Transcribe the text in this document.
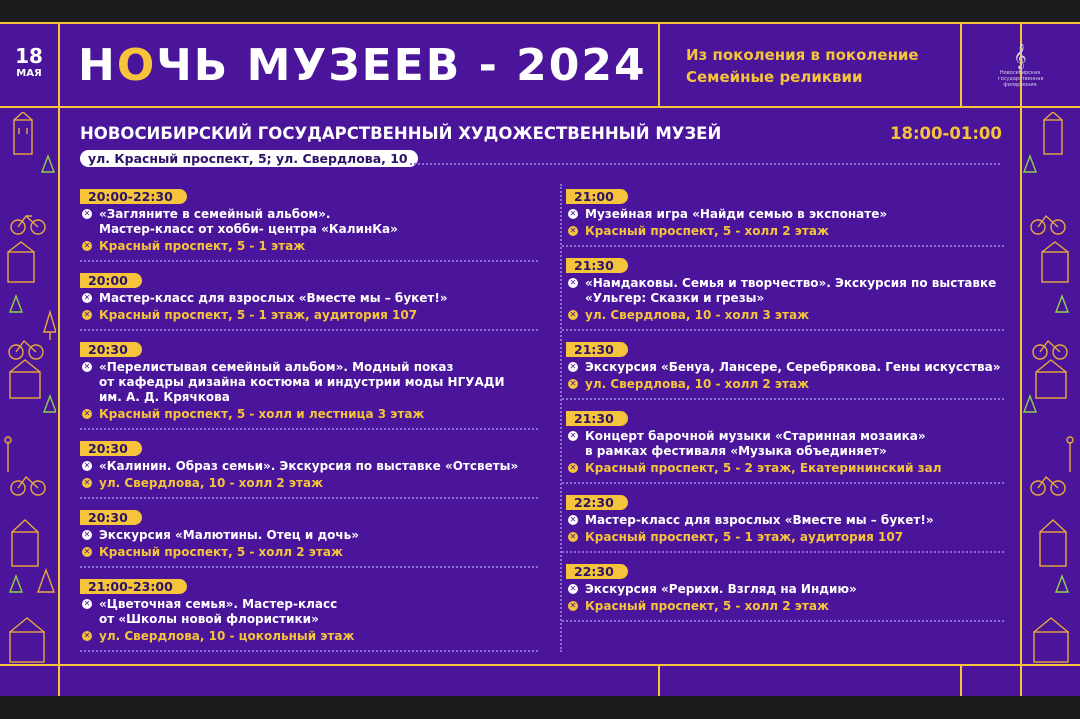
18
МАЯ НОЧЬ МУЗЕЕВ - 2024	Из поколения в поколение
Семейные реликвии
𝄞
Новосибирская государственная филармония
НОВОСИБИРСКИЙ ГОСУДАРСТВЕННЫЙ ХУДОЖЕСТВЕННЫЙ МУЗЕЙ	18:00-01:00
ул. Красный проспект, 5; ул. Свердлова, 10
20:00-22:30
✕ «Загляните в семейный альбом».
Мастер-класс от хобби- центра «КалинКа»
✕ Красный проспект, 5 - 1 этаж
20:00
✕ Мастер-класс для взрослых «Вместе мы – букет!»
✕ Красный проспект, 5 - 1 этаж, аудитория 107
20:30
✕ «Перелистывая семейный альбом». Модный показ
от кафедры дизайна костюма и индустрии моды НГУАДИ
им. А. Д. Крячкова
✕ Красный проспект, 5 - холл и лестница 3 этаж
20:30
✕ «Калинин. Образ семьи». Экскурсия по выставке «Отсветы»
✕ ул. Свердлова, 10 - холл 2 этаж
20:30
✕ Экскурсия «Малютины. Отец и дочь»
✕ Красный проспект, 5 - холл 2 этаж
21:00-23:00
✕ «Цветочная семья». Мастер-класс
от «Школы новой флористики»
✕ ул. Свердлова, 10 - цокольный этаж
21:00
✕ Музейная игра «Найди семью в экспонате»
✕ Красный проспект, 5 - холл 2 этаж
21:30
✕ «Намдаковы. Семья и творчество». Экскурсия по выставке
«Ульгер: Сказки и грезы»
✕ ул. Свердлова, 10 - холл 3 этаж
21:30
✕ Экскурсия «Бенуа, Лансере, Серебрякова. Гены искусства»
✕ ул. Свердлова, 10 - холл 2 этаж
21:30
✕ Концерт барочной музыки «Старинная мозаика»
в рамках фестиваля «Музыка объединяет»
✕ Красный проспект, 5 - 2 этаж, Екатерининский зал
22:30
✕ Мастер-класс для взрослых «Вместе мы – букет!»
✕ Красный проспект, 5 - 1 этаж, аудитория 107
22:30
✕ Экскурсия «Рерихи. Взгляд на Индию»
✕ Красный проспект, 5 - холл 2 этаж
